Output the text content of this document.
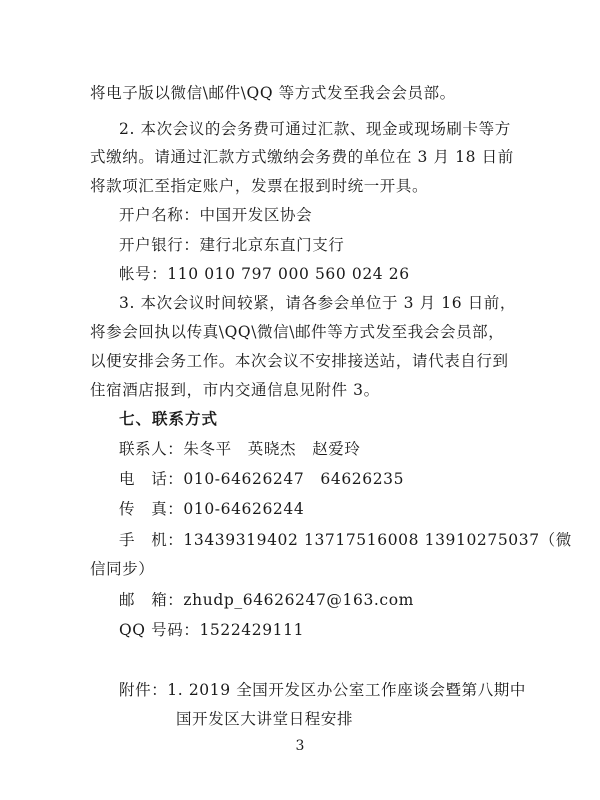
将电子版以微信\邮件\QQ 等方式发至我会会员部。
2. 本次会议的会务费可通过汇款、现金或现场刷卡等方
式缴纳。请通过汇款方式缴纳会务费的单位在 3 月 18 日前
将款项汇至指定账户，发票在报到时统一开具。
开户名称：中国开发区协会
开户银行：建行北京东直门支行
帐号：110 010 797 000 560 024 26
3. 本次会议时间较紧，请各参会单位于 3 月 16 日前，
将参会回执以传真\QQ\微信\邮件等方式发至我会会员部，
以便安排会务工作。本次会议不安排接送站，请代表自行到
住宿酒店报到，市内交通信息见附件 3。
七、联系方式
联系人：朱冬平　英晓杰　赵爱玲
电　话：010-64626247　64626235
传　真：010-64626244
手　机：13439319402 13717516008 13910275037（微
信同步）
邮　箱：zhudp_64626247@163.com
QQ 号码：1522429111
附件：1. 2019 全国开发区办公室工作座谈会暨第八期中
国开发区大讲堂日程安排
3
